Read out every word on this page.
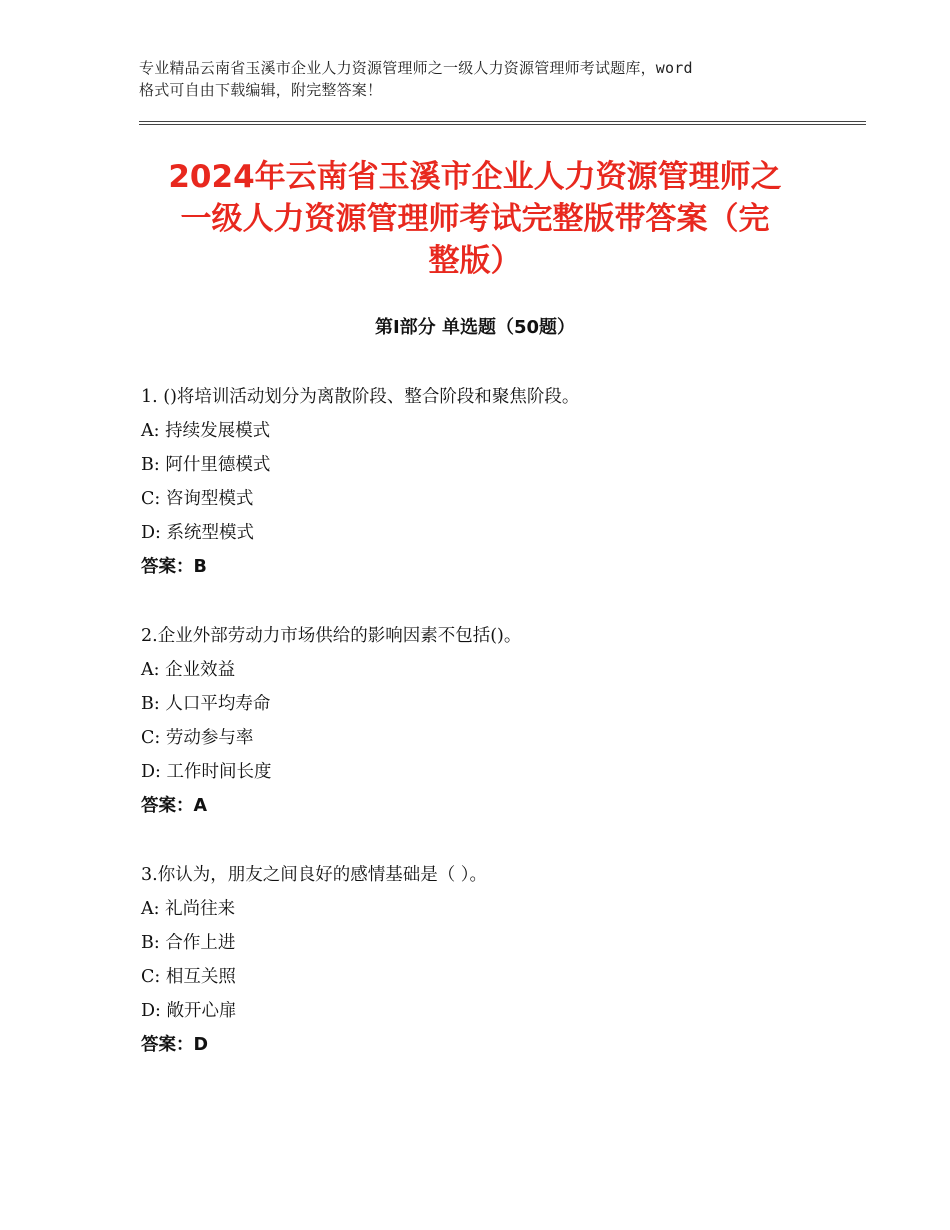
专业精品云南省玉溪市企业人力资源管理师之一级人力资源管理师考试题库，word
格式可自由下载编辑，附完整答案！
2024年云南省玉溪市企业人力资源管理师之
一级人力资源管理师考试完整版带答案（完
整版）
第Ⅰ部分 单选题（50题）
1. ()将培训活动划分为离散阶段、整合阶段和聚焦阶段。
A: 持续发展模式
B: 阿什里德模式
C: 咨询型模式
D: 系统型模式
答案：B
2.企业外部劳动力市场供给的影响因素不包括()。
A: 企业效益
B: 人口平均寿命
C: 劳动参与率
D: 工作时间长度
答案：A
3.你认为，朋友之间良好的感情基础是（ ）。
A: 礼尚往来
B: 合作上进
C: 相互关照
D: 敞开心扉
答案：D
